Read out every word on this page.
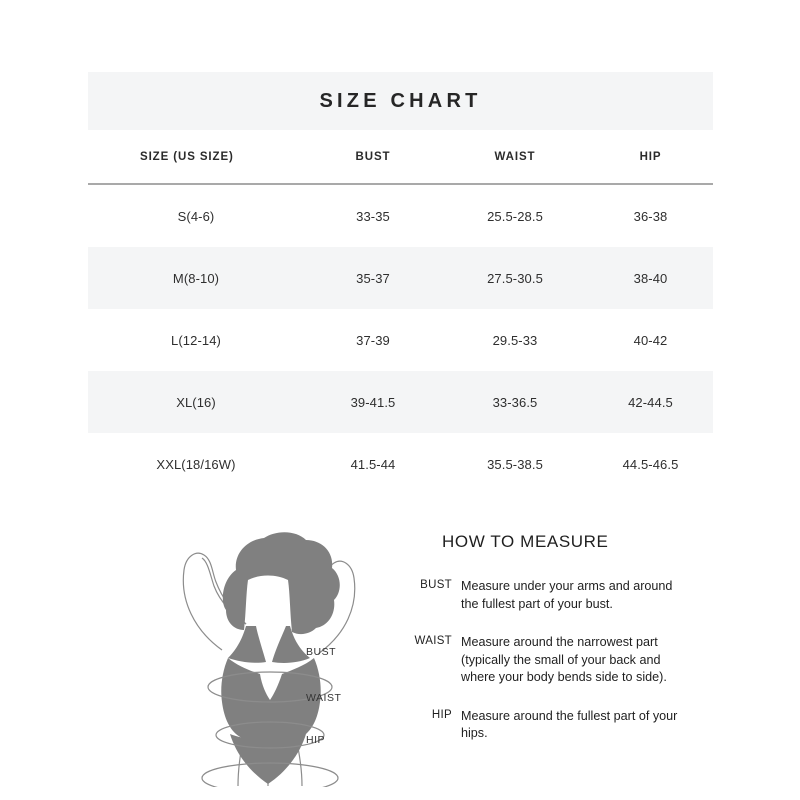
SIZE CHART
SIZE (US SIZE)	BUST	WAIST	HIP
S(4-6)	33-35	25.5-28.5	36-38
M(8-10)	35-37	27.5-30.5	38-40
L(12-14)	37-39	29.5-33	40-42
XL(16)	39-41.5	33-36.5	42-44.5
XXL(18/16W)	41.5-44	35.5-38.5	44.5-46.5
BUST
WAIST
HIP
HOW TO MEASURE
BUST Measure under your arms and around the fullest part of your bust.
WAIST Measure around the narrowest part (typically the small of your back and where your body bends side to side).
HIP Measure around the fullest part of your hips.
